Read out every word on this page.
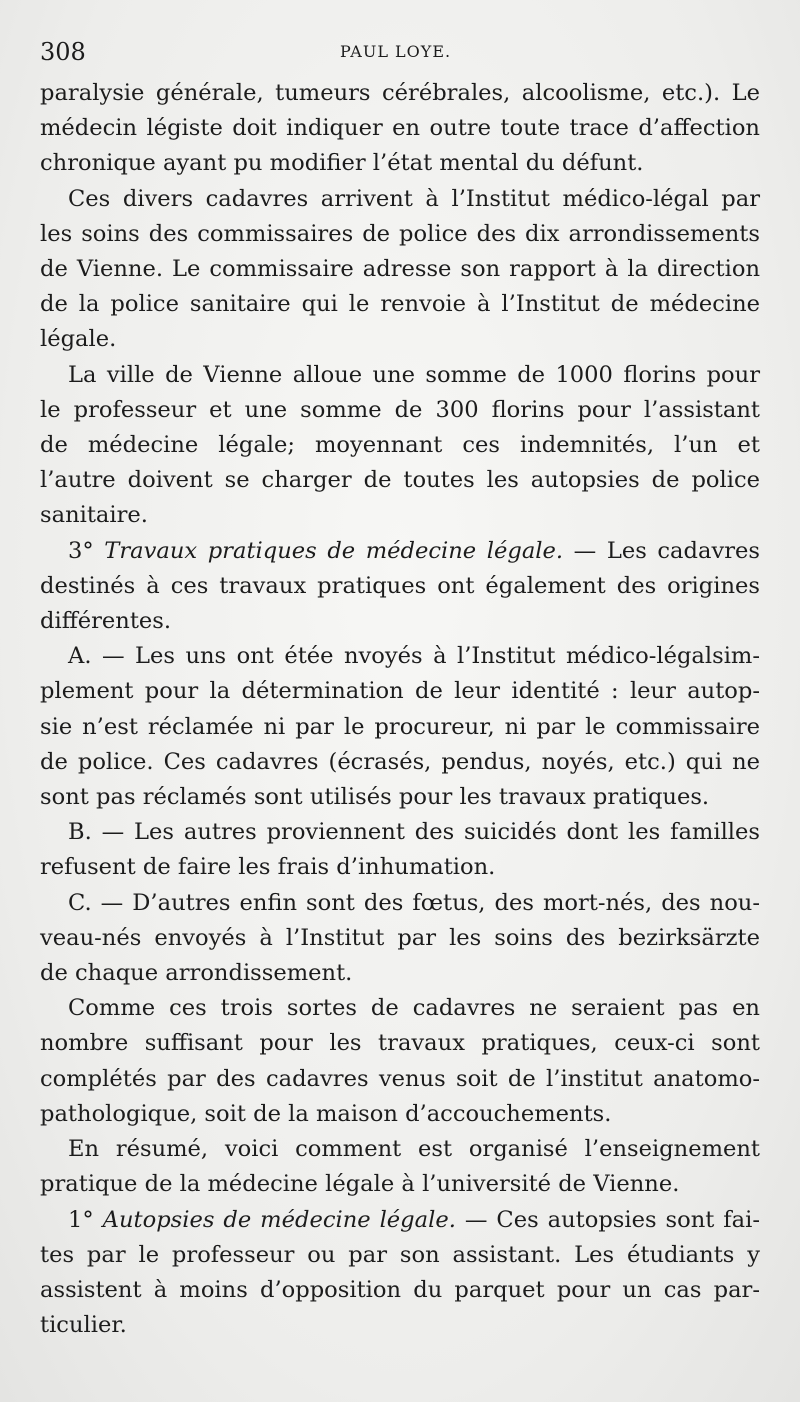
308	PAUL LOYE.
paralysie générale, tumeurs cérébrales, alcoolisme, etc.). Le
médecin légiste doit indiquer en outre toute trace d’affection
chronique ayant pu modifier l’état mental du défunt.
Ces divers cadavres arrivent à l’Institut médico-légal par
les soins des commissaires de police des dix arrondissements
de Vienne. Le commissaire adresse son rapport à la direction
de la police sanitaire qui le renvoie à l’Institut de médecine
légale.
La ville de Vienne alloue une somme de 1000 florins pour
le professeur et une somme de 300 florins pour l’assistant
de médecine légale; moyennant ces indemnités, l’un et
l’autre doivent se charger de toutes les autopsies de police
sanitaire.
3° Travaux pratiques de médecine légale. — Les cadavres
destinés à ces travaux pratiques ont également des origines
différentes.
A. — Les uns ont étée nvoyés à l’Institut médico-légalsim-
plement pour la détermination de leur identité : leur autop-
sie n’est réclamée ni par le procureur, ni par le commissaire
de police. Ces cadavres (écrasés, pendus, noyés, etc.) qui ne
sont pas réclamés sont utilisés pour les travaux pratiques.
B. — Les autres proviennent des suicidés dont les familles
refusent de faire les frais d’inhumation.
C. — D’autres enfin sont des fœtus, des mort-nés, des nou-
veau-nés envoyés à l’Institut par les soins des bezirksärzte
de chaque arrondissement.
Comme ces trois sortes de cadavres ne seraient pas en
nombre suffisant pour les travaux pratiques, ceux-ci sont
complétés par des cadavres venus soit de l’institut anatomo-
pathologique, soit de la maison d’accouchements.
En résumé, voici comment est organisé l’enseignement
pratique de la médecine légale à l’université de Vienne.
1° Autopsies de médecine légale. — Ces autopsies sont fai-
tes par le professeur ou par son assistant. Les étudiants y
assistent à moins d’opposition du parquet pour un cas par-
ticulier.
